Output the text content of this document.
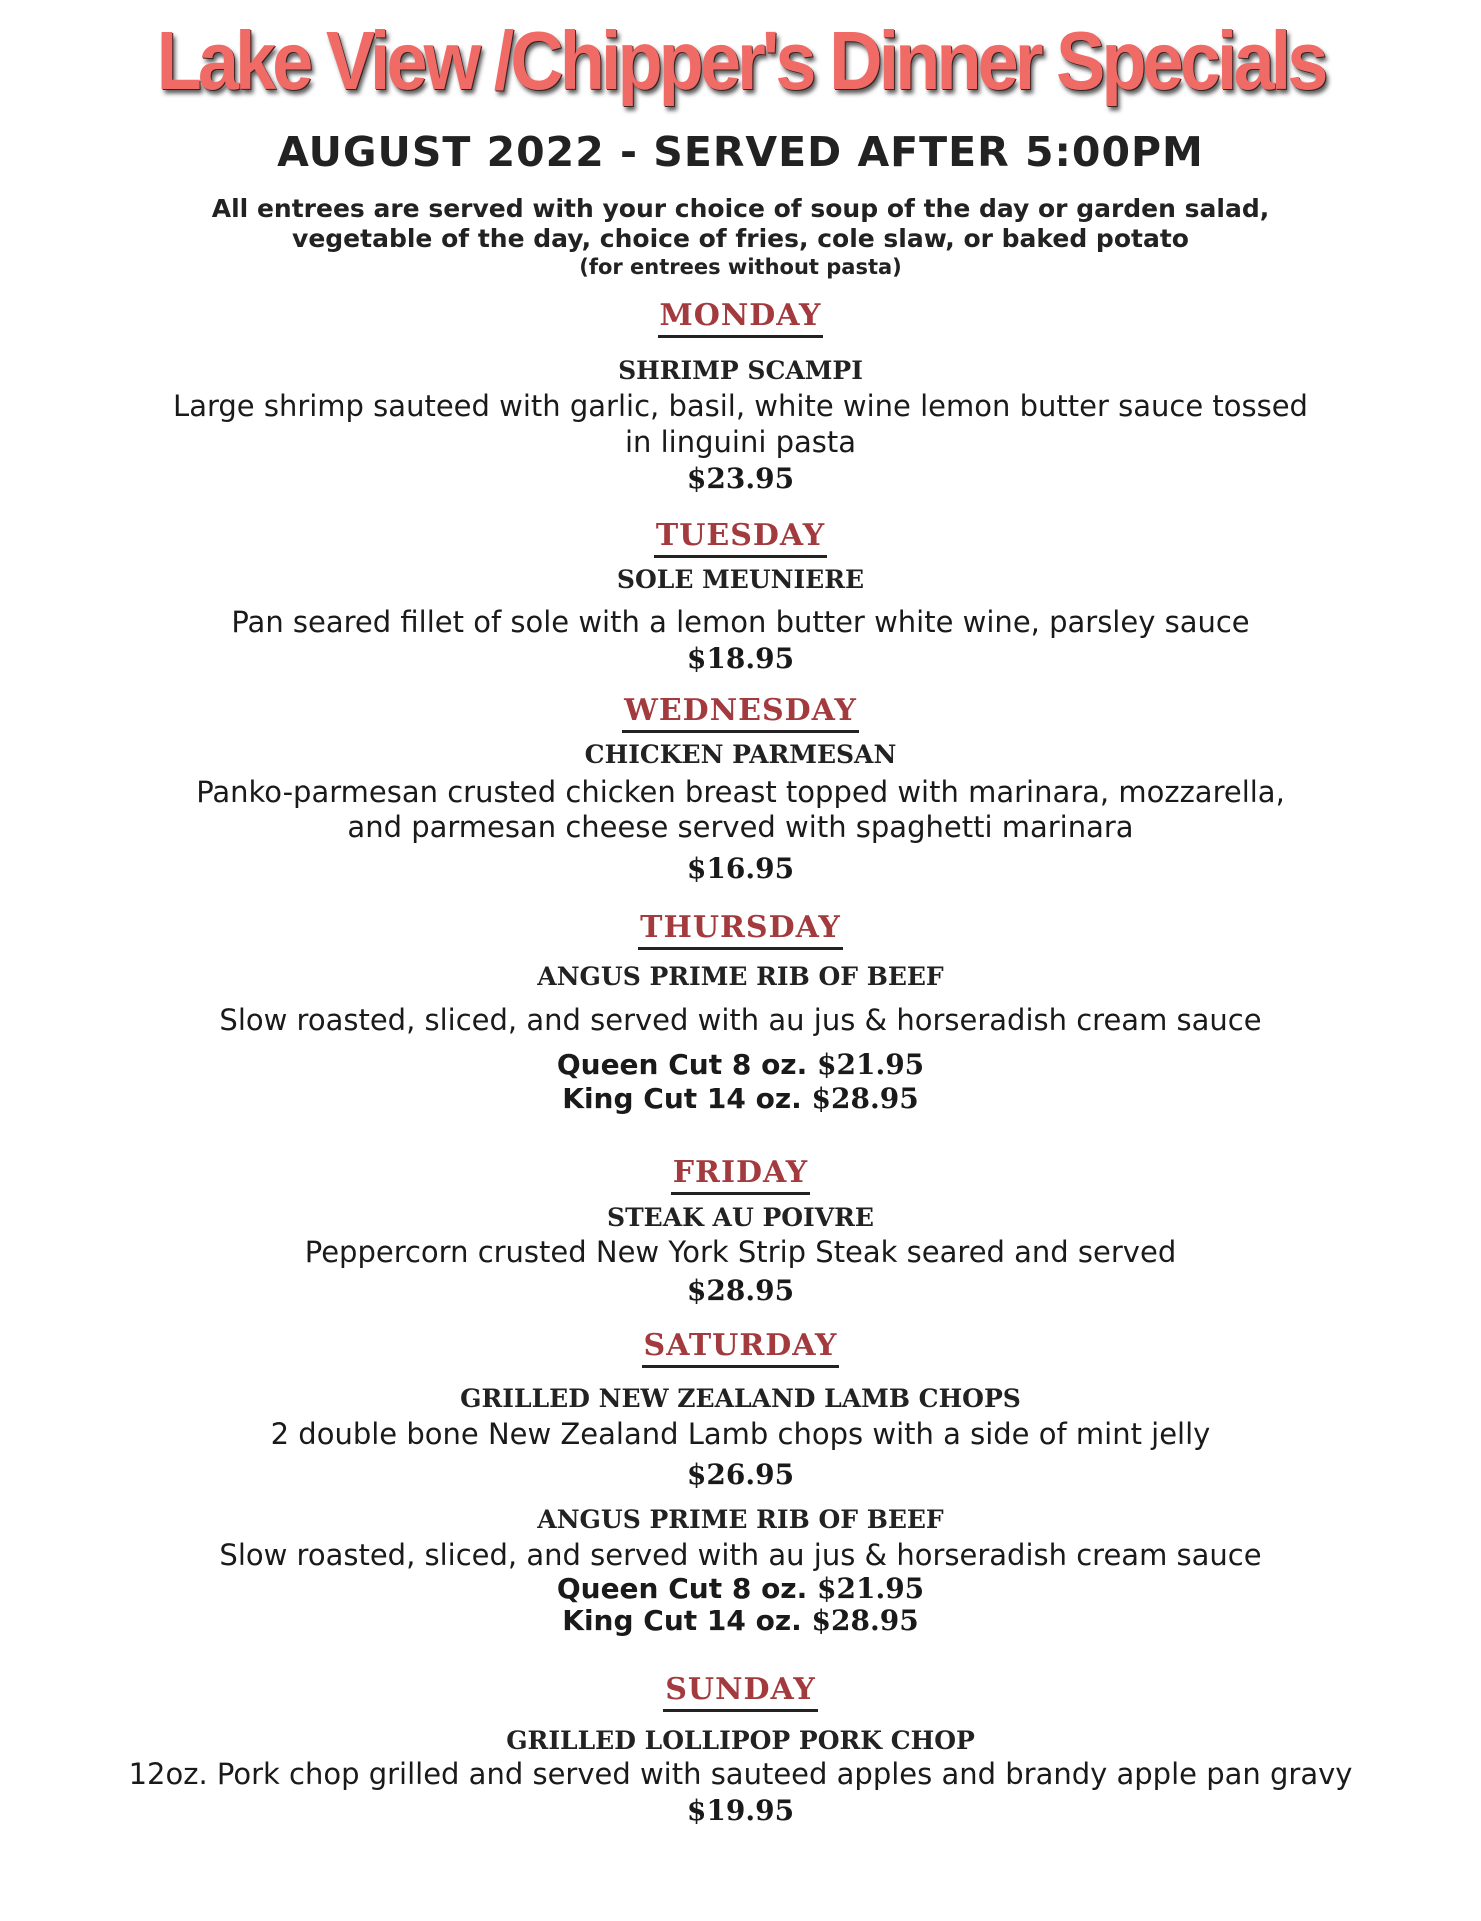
Lake View /Chipper's Dinner Specials
AUGUST 2022 - SERVED AFTER 5:00PM
All entrees are served with your choice of soup of the day or garden salad,
vegetable of the day, choice of fries, cole slaw, or baked potato
(for entrees without pasta)
MONDAY
SHRIMP SCAMPI
Large shrimp sauteed with garlic, basil, white wine lemon butter sauce tossed
in linguini pasta
$23.95
TUESDAY
SOLE MEUNIERE
Pan seared fillet of sole with a lemon butter white wine, parsley sauce
$18.95
WEDNESDAY
CHICKEN PARMESAN
Panko-parmesan crusted chicken breast topped with marinara, mozzarella,
and parmesan cheese served with spaghetti marinara
$16.95
THURSDAY
ANGUS PRIME RIB OF BEEF
Slow roasted, sliced, and served with au jus & horseradish cream sauce
Queen Cut 8 oz. $21.95
King Cut 14 oz. $28.95
FRIDAY
STEAK AU POIVRE
Peppercorn crusted New York Strip Steak seared and served
$28.95
SATURDAY
GRILLED NEW ZEALAND LAMB CHOPS
2 double bone New Zealand Lamb chops with a side of mint jelly
$26.95
ANGUS PRIME RIB OF BEEF
Slow roasted, sliced, and served with au jus & horseradish cream sauce
Queen Cut 8 oz. $21.95
King Cut 14 oz. $28.95
SUNDAY
GRILLED LOLLIPOP PORK CHOP
12oz. Pork chop grilled and served with sauteed apples and brandy apple pan gravy
$19.95
